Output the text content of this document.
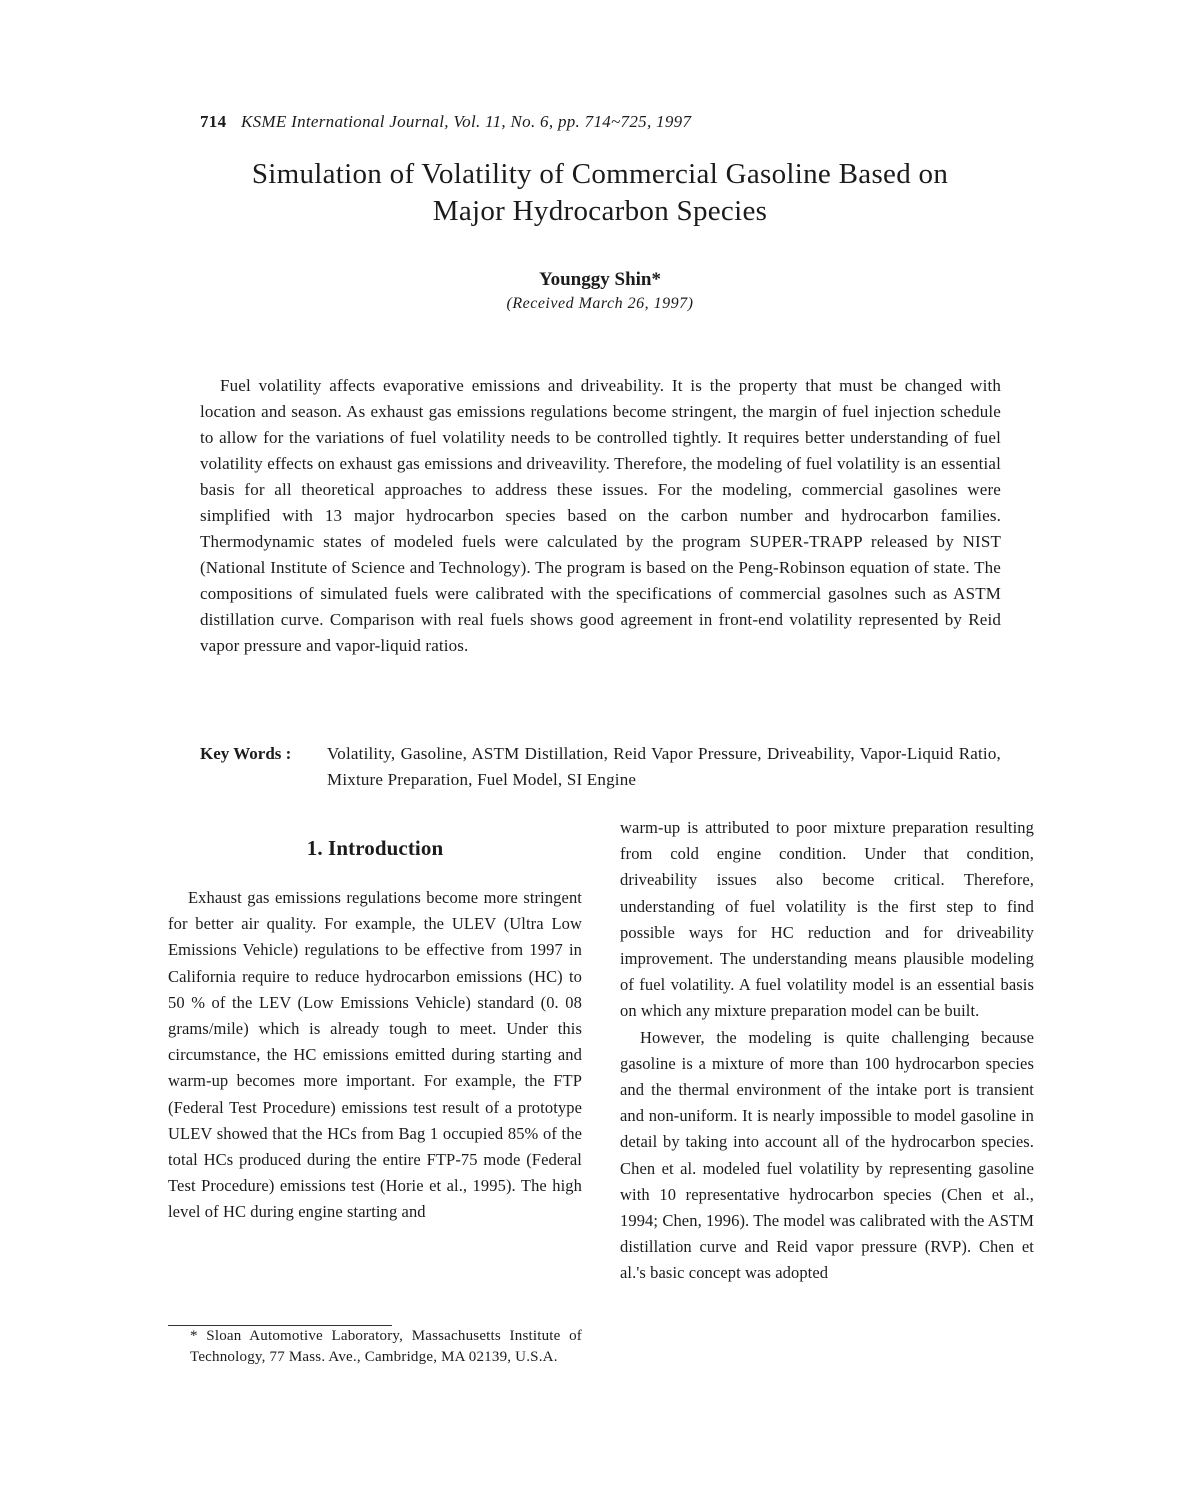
714 KSME International Journal, Vol. 11, No. 6, pp. 714~725, 1997
Simulation of Volatility of Commercial Gasoline Based on
Major Hydrocarbon Species
Younggy Shin*
(Received March 26, 1997)

Fuel volatility affects evaporative emissions and driveability. It is the property that must be changed with location and season. As exhaust gas emissions regulations become stringent, the margin of fuel injection schedule to allow for the variations of fuel volatility needs to be controlled tightly. It requires better understanding of fuel volatility effects on exhaust gas emissions and driveavility. Therefore, the modeling of fuel volatility is an essential basis for all theoretical approaches to address these issues. For the modeling, commercial gasolines were simplified with 13 major hydrocarbon species based on the carbon number and hydrocarbon families. Thermodynamic states of modeled fuels were calculated by the program SUPER-TRAPP released by NIST (National Institute of Science and Technology). The program is based on the Peng-Robinson equation of state. The compositions of simulated fuels were calibrated with the specifications of commercial gasolnes such as ASTM distillation curve. Comparison with real fuels shows good agreement in front-end volatility represented by Reid vapor pressure and vapor-liquid ratios.

Key Words :	Volatility, Gasoline, ASTM Distillation, Reid Vapor Pressure, Driveability, Vapor-Liquid Ratio, Mixture Preparation, Fuel Model, SI Engine
1. Introduction

Exhaust gas emissions regulations become more stringent for better air quality. For example, the ULEV (Ultra Low Emissions Vehicle) regulations to be effective from 1997 in California require to reduce hydrocarbon emissions (HC) to 50 % of the LEV (Low Emissions Vehicle) standard (0. 08 grams/mile) which is already tough to meet. Under this circumstance, the HC emissions emitted during starting and warm-up becomes more important. For example, the FTP (Federal Test Procedure) emissions test result of a prototype ULEV showed that the HCs from Bag 1 occupied 85% of the total HCs produced during the entire FTP-75 mode (Federal Test Procedure) emissions test (Horie et al., 1995). The high level of HC during engine starting and

warm-up is attributed to poor mixture preparation resulting from cold engine condition. Under that condition, driveability issues also become critical. Therefore, understanding of fuel volatility is the first step to find possible ways for HC reduction and for driveability improvement. The understanding means plausible modeling of fuel volatility. A fuel volatility model is an essential basis on which any mixture preparation model can be built.

However, the modeling is quite challenging because gasoline is a mixture of more than 100 hydrocarbon species and the thermal environment of the intake port is transient and non-uniform. It is nearly impossible to model gasoline in detail by taking into account all of the hydrocarbon species. Chen et al. modeled fuel volatility by representing gasoline with 10 representative hydrocarbon species (Chen et al., 1994; Chen, 1996). The model was calibrated with the ASTM distillation curve and Reid vapor pressure (RVP). Chen et al.'s basic concept was adopted

* Sloan Automotive Laboratory, Massachusetts Institute of Technology, 77 Mass. Ave., Cambridge, MA 02139, U.S.A.
